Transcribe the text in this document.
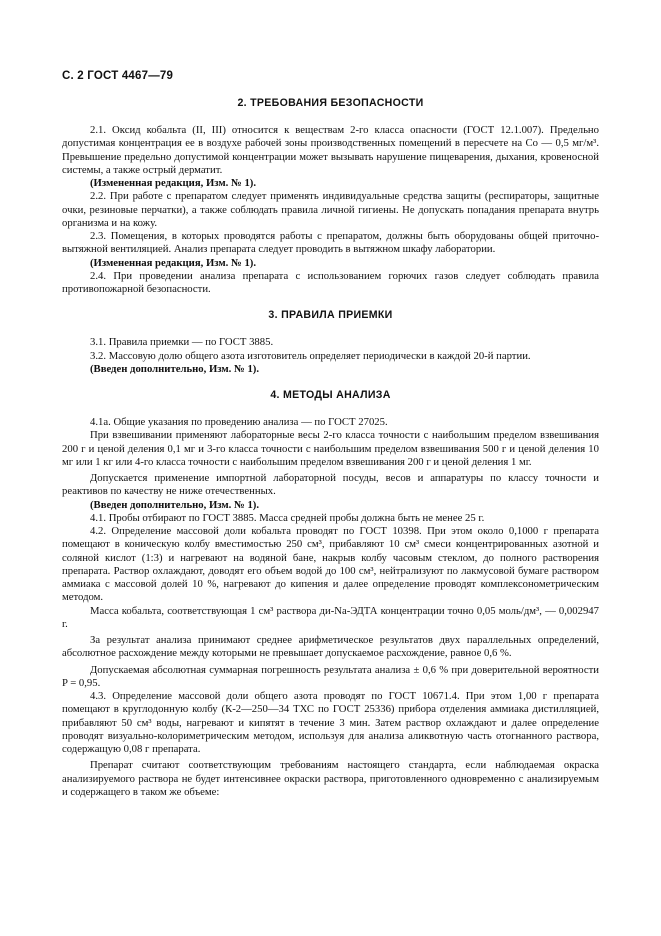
С. 2 ГОСТ 4467—79
2. ТРЕБОВАНИЯ БЕЗОПАСНОСТИ

2.1. Оксид кобальта (II, III) относится к веществам 2-го класса опасности (ГОСТ 12.1.007). Предельно допустимая концентрация ее в воздухе рабочей зоны производственных помещений в пересчете на Co — 0,5 мг/м³. Превышение предельно допустимой концентрации может вызывать нарушение пищеварения, дыхания, кровеносной системы, а также острый дерматит.

(Измененная редакция, Изм. № 1).

2.2. При работе с препаратом следует применять индивидуальные средства защиты (респираторы, защитные очки, резиновые перчатки), а также соблюдать правила личной гигиены. Не допускать попадания препарата внутрь организма и на кожу.

2.3. Помещения, в которых проводятся работы с препаратом, должны быть оборудованы общей приточно-вытяжной вентиляцией. Анализ препарата следует проводить в вытяжном шкафу лаборатории.

(Измененная редакция, Изм. № 1).

2.4. При проведении анализа препарата с использованием горючих газов следует соблюдать правила противопожарной безопасности.

3. ПРАВИЛА ПРИЕМКИ

3.1. Правила приемки — по ГОСТ 3885.

3.2. Массовую долю общего азота изготовитель определяет периодически в каждой 20-й партии.

(Введен дополнительно, Изм. № 1).

4. МЕТОДЫ АНАЛИЗА

4.1а. Общие указания по проведению анализа — по ГОСТ 27025.

При взвешивании применяют лабораторные весы 2-го класса точности с наибольшим пределом взвешивания 200 г и ценой деления 0,1 мг и 3-го класса точности с наибольшим пределом взвешивания 500 г и ценой деления 10 мг или 1 кг или 4-го класса точности с наибольшим пределом взвешивания 200 г и ценой деления 1 мг.

Допускается применение импортной лабораторной посуды, весов и аппаратуры по классу точности и реактивов по качеству не ниже отечественных.

(Введен дополнительно, Изм. № 1).

4.1. Пробы отбирают по ГОСТ 3885. Масса средней пробы должна быть не менее 25 г.

4.2. Определение массовой доли кобальта проводят по ГОСТ 10398. При этом около 0,1000 г препарата помещают в коническую колбу вместимостью 250 см³, прибавляют 10 см³ смеси концентрированных азотной и соляной кислот (1:3) и нагревают на водяной бане, накрыв колбу часовым стеклом, до полного растворения препарата. Раствор охлаждают, доводят его объем водой до 100 см³, нейтрализуют по лакмусовой бумаге раствором аммиака с массовой долей 10 %, нагревают до кипения и далее определение проводят комплексонометрическим методом.

Масса кобальта, соответствующая 1 см³ раствора ди-Na-ЭДТА концентрации точно 0,05 моль/дм³, — 0,002947 г.

За результат анализа принимают среднее арифметическое результатов двух параллельных определений, абсолютное расхождение между которыми не превышает допускаемое расхождение, равное 0,6 %.

Допускаемая абсолютная суммарная погрешность результата анализа ± 0,6 % при доверительной вероятности P = 0,95.

4.3. Определение массовой доли общего азота проводят по ГОСТ 10671.4. При этом 1,00 г препарата помещают в круглодонную колбу (К-2—250—34 ТХС по ГОСТ 25336) прибора отделения аммиака дистилляцией, прибавляют 50 см³ воды, нагревают и кипятят в течение 3 мин. Затем раствор охлаждают и далее определение проводят визуально-колориметрическим методом, используя для анализа аликвотную часть отогнанного раствора, содержащую 0,08 г препарата.

Препарат считают соответствующим требованиям настоящего стандарта, если наблюдаемая окраска анализируемого раствора не будет интенсивнее окраски раствора, приготовленного одновременно с анализируемым и содержащего в таком же объеме:
